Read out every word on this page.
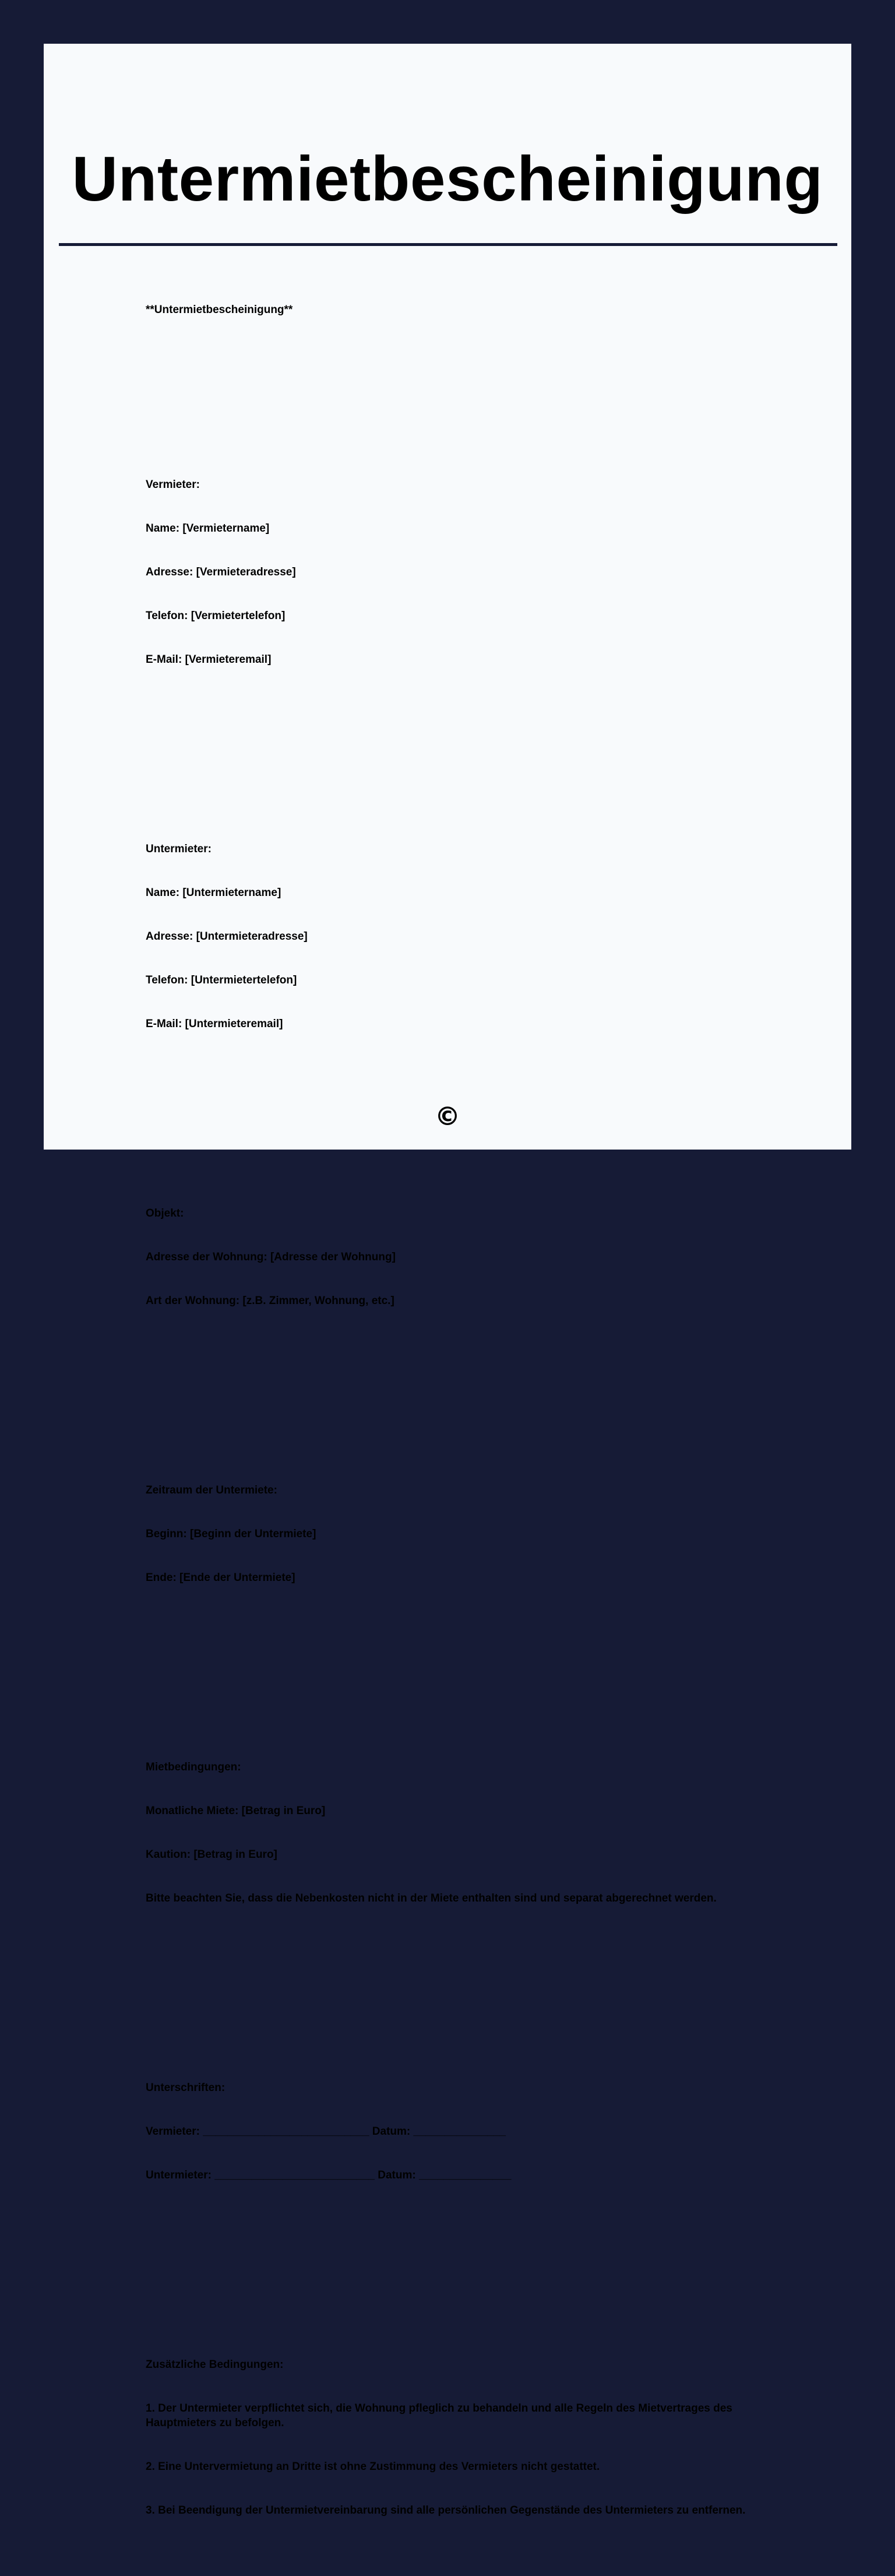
Untermietbescheinigung

**Untermietbescheinigung**

Vermieter:

Name: [Vermietername]

Adresse: [Vermieteradresse]

Telefon: [Vermietertelefon]

E-Mail: [Vermieteremail]

Untermieter:

Name: [Untermietername]

Adresse: [Untermieteradresse]

Telefon: [Untermietertelefon]

E-Mail: [Untermieteremail]

Objekt:

Adresse der Wohnung: [Adresse der Wohnung]

Art der Wohnung: [z.B. Zimmer, Wohnung, etc.]

Zeitraum der Untermiete:

Beginn: [Beginn der Untermiete]

Ende: [Ende der Untermiete]

Mietbedingungen:

Monatliche Miete: [Betrag in Euro]

Kaution: [Betrag in Euro]

Bitte beachten Sie, dass die Nebenkosten nicht in der Miete enthalten sind und separat abgerechnet werden.

Unterschriften:

Vermieter: ___________________________ Datum: _______________

Untermieter: __________________________ Datum: _______________

Zusätzliche Bedingungen:

1. Der Untermieter verpflichtet sich, die Wohnung pfleglich zu behandeln und alle Regeln des Mietvertrages des Hauptmieters zu befolgen.

2. Eine Untervermietung an Dritte ist ohne Zustimmung des Vermieters nicht gestattet.

3. Bei Beendigung der Untermietvereinbarung sind alle persönlichen Gegenstände des Untermieters zu entfernen.

©
